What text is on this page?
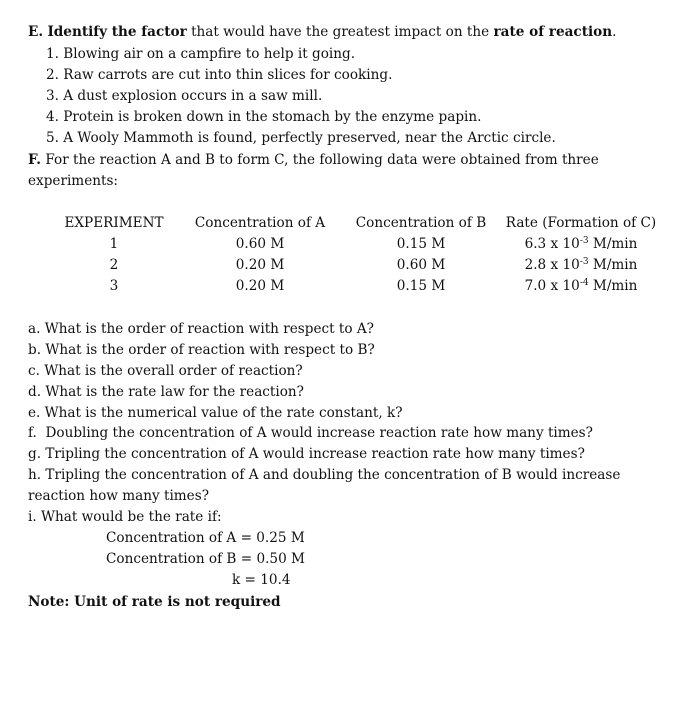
E. Identify the factor that would have the greatest impact on the rate of reaction.
1. Blowing air on a campfire to help it going.
2. Raw carrots are cut into thin slices for cooking.
3. A dust explosion occurs in a saw mill.
4. Protein is broken down in the stomach by the enzyme papin.
5. A Wooly Mammoth is found, perfectly preserved, near the Arctic circle.
F. For the reaction A and B to form C, the following data were obtained from three
experiments:
EXPERIMENT	Concentration of A	Concentration of B	Rate (Formation of C)
1	0.60 M	0.15 M	6.3 x $10^{-3}$ M/min
2	0.20 M	0.60 M	2.8 x $10^{-3}$ M/min
3	0.20 M	0.15 M	7.0 x $10^{-4}$ M/min
a. What is the order of reaction with respect to A?
b. What is the order of reaction with respect to B?
c. What is the overall order of reaction?
d. What is the rate law for the reaction?
e. What is the numerical value of the rate constant, k?
f.  Doubling the concentration of A would increase reaction rate how many times?
g. Tripling the concentration of A would increase reaction rate how many times?
h. Tripling the concentration of A and doubling the concentration of B would increase
reaction how many times?
i. What would be the rate if:
Concentration of A = 0.25 M
Concentration of B = 0.50 M
k = 10.4
Note: Unit of rate is not required
